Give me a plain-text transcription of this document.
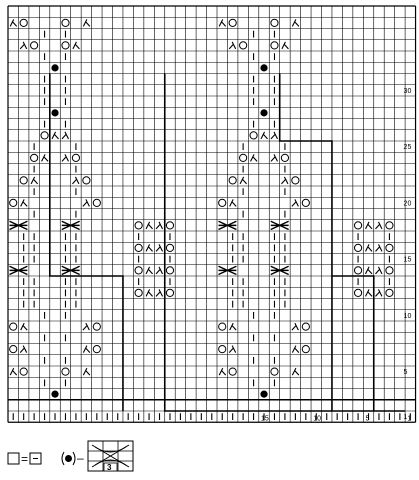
1
5
10
15
20
25
30
15	10	5	1
=	–
3
